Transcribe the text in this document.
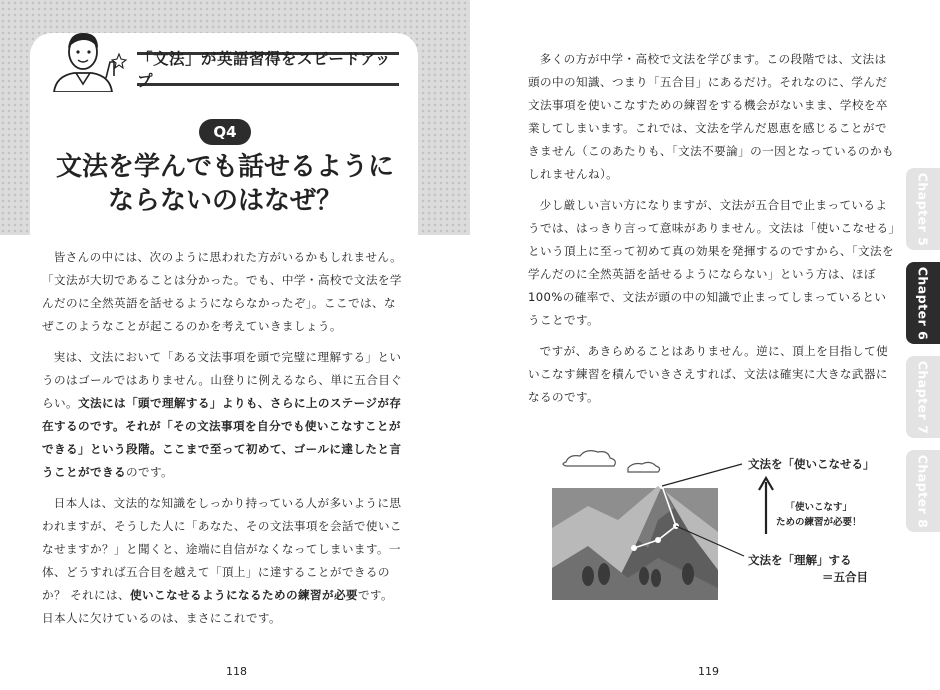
「文法」が英語習得をスピードアップ
Q4
文法を学んでも話せるように
ならないのはなぜ？

皆さんの中には、次のように思われた方がいるかもしれません。「文法が大切であることは分かった。でも、中学・高校で文法を学んだのに全然英語を話せるようにならなかったぞ」。ここでは、なぜこのようなことが起こるのかを考えていきましょう。

実は、文法において「ある文法事項を頭で完璧に理解する」というのはゴールではありません。山登りに例えるなら、単に五合目ぐらい。文法には「頭で理解する」よりも、さらに上のステージが存在するのです。それが「その文法事項を自分でも使いこなすことができる」という段階。ここまで至って初めて、ゴールに達したと言うことができるのです。

日本人は、文法的な知識をしっかり持っている人が多いように思われますが、そうした人に「あなた、その文法事項を会話で使いこなせますか？」と聞くと、途端に自信がなくなってしまいます。一体、どうすれば五合目を越えて「頂上」に達することができるのか？ それには、使いこなせるようになるための練習が必要です。日本人に欠けているのは、まさにこれです。

118

多くの方が中学・高校で文法を学びます。この段階では、文法は頭の中の知識、つまり「五合目」にあるだけ。それなのに、学んだ文法事項を使いこなすための練習をする機会がないまま、学校を卒業してしまいます。これでは、文法を学んだ恩恵を感じることができません（このあたりも、「文法不要論」の一因となっているのかもしれませんね）。

少し厳しい言い方になりますが、文法が五合目で止まっているようでは、はっきり言って意味がありません。文法は「使いこなせる」という頂上に至って初めて真の効果を発揮するのですから、「文法を学んだのに全然英語を話せるようにならない」という方は、ほぼ100%の確率で、文法が頭の中の知識で止まってしまっているということです。

ですが、あきらめることはありません。逆に、頂上を目指して使いこなす練習を積んでいきさえすれば、文法は確実に大きな武器になるのです。

文法を「使いこなせる」
「使いこなす」
ための練習が必要！
文法を「理解」する
＝五合目
119
Chapter 5
Chapter 6
Chapter 7
Chapter 8
